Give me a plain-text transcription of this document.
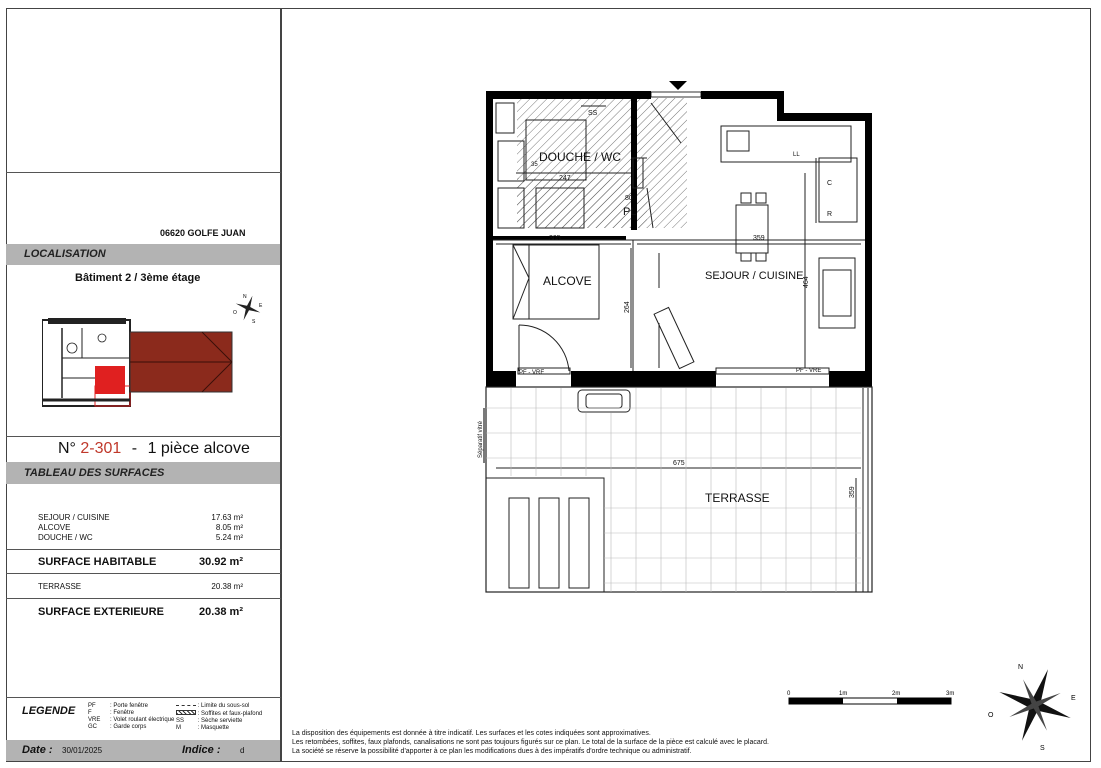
06620 GOLFE JUAN
LOCALISATION
Bâtiment 2 / 3ème étage
N
E
S
O
N° 2-301 - 1 pièce alcove
TABLEAU DES SURFACES
SEJOUR / CUISINE	17.63 m²
ALCOVE	8.05 m²
DOUCHE / WC	5.24 m²
SURFACE HABITABLE	30.92 m²
TERRASSE	20.38 m²
SURFACE EXTERIEURE	20.38 m²
LEGENDE PF : Porte fenêtre
F	: Fenêtre
VRE : Volet roulant électrique
GC : Garde corps
: Limite du sous-sol
: Soffites et faux-plafond
SS : Sèche serviette
M	: Masquette
Date : 30/01/2025	Indice : d
DOUCHE / WC
ALCOVE	SEJOUR / CUISINE
TERRASSE
PL
SS
247
80
305	359
675
35
PF - VRE	PF - VRE
LL
C
R
464
264
359
Séparatif vitré
0	1m	2m	3m
N
E
S
O
La disposition des équipements est donnée à titre indicatif. Les surfaces et les cotes indiquées sont approximatives.
Les retombées, soffites, faux plafonds, canalisations ne sont pas toujours figurés sur ce plan. Le total de la surface de la pièce est calculé avec le placard.
La société se réserve la possibilité d'apporter à ce plan les modifications dues à des impératifs d'ordre technique ou administratif.
